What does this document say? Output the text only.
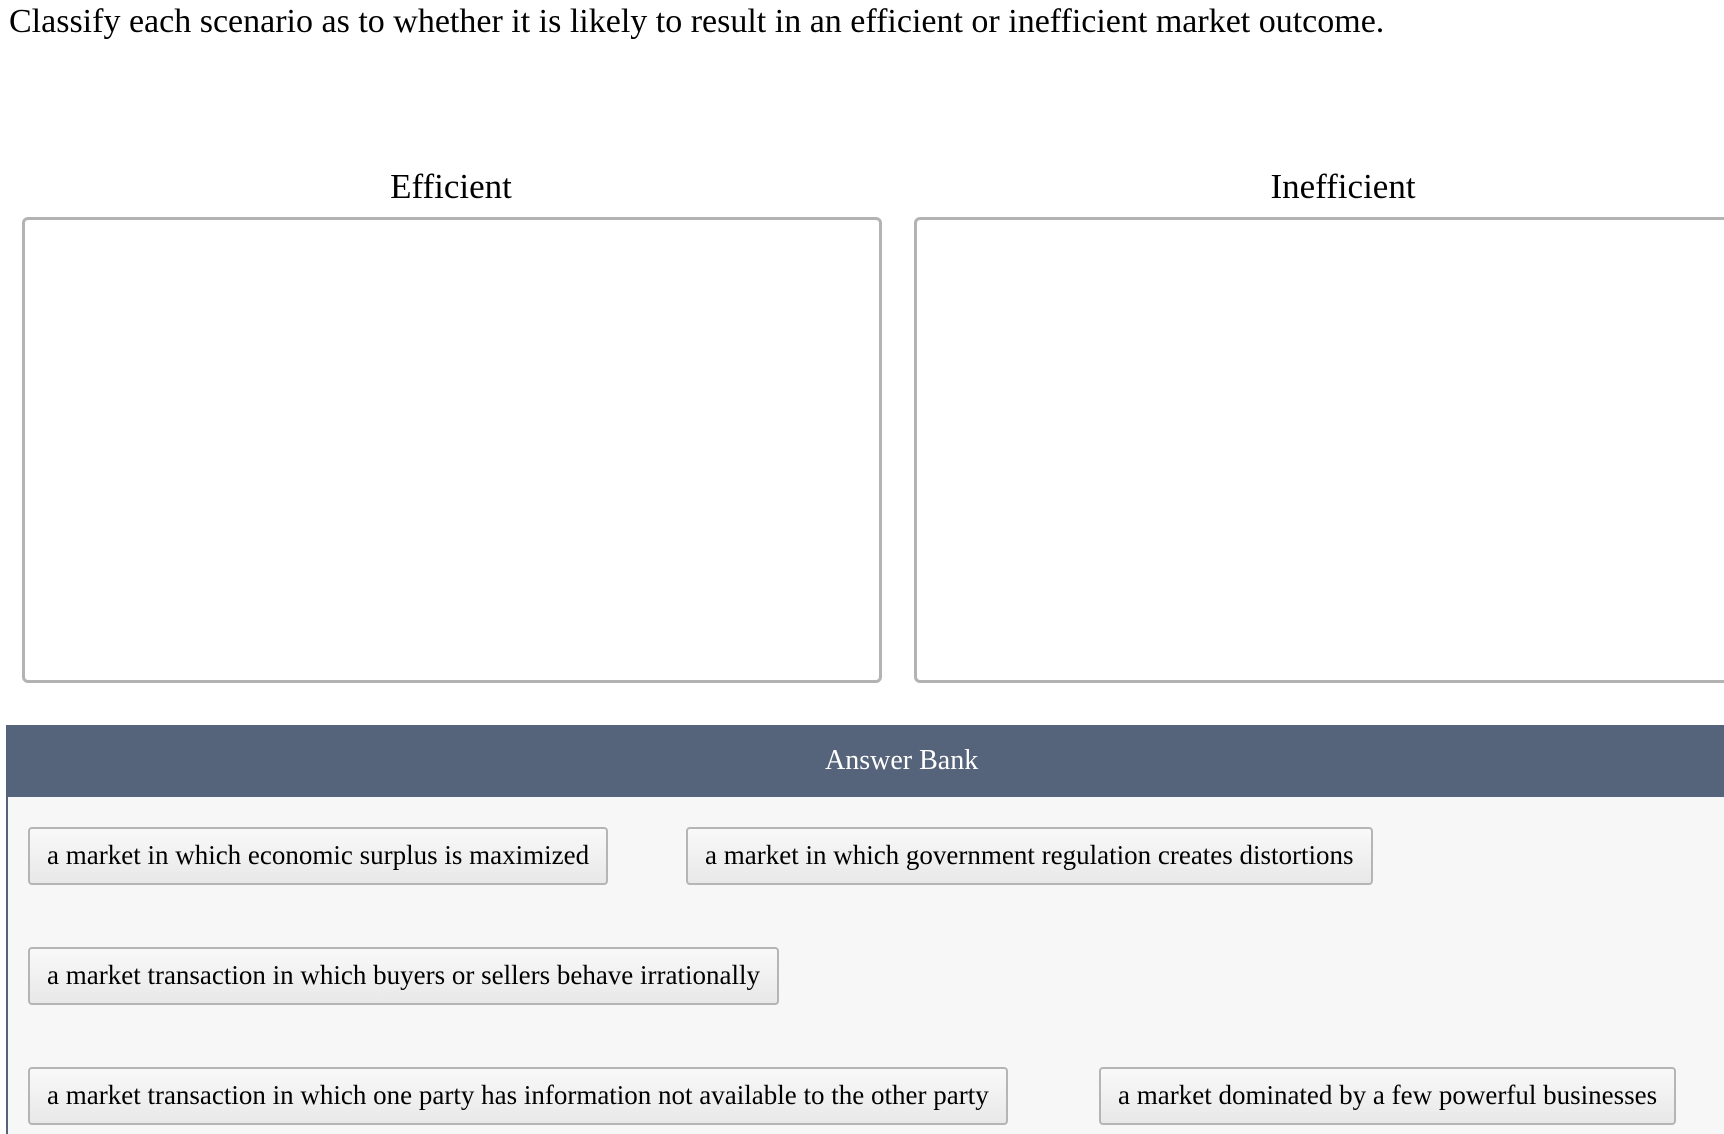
Classify each scenario as to whether it is likely to result in an efficient or inefficient market outcome.
Efficient	Inefficient
Answer Bank
a market in which economic surplus is maximized	a market in which government regulation creates distortions
a market transaction in which buyers or sellers behave irrationally
a market transaction in which one party has information not available to the other party	a market dominated by a few powerful businesses
